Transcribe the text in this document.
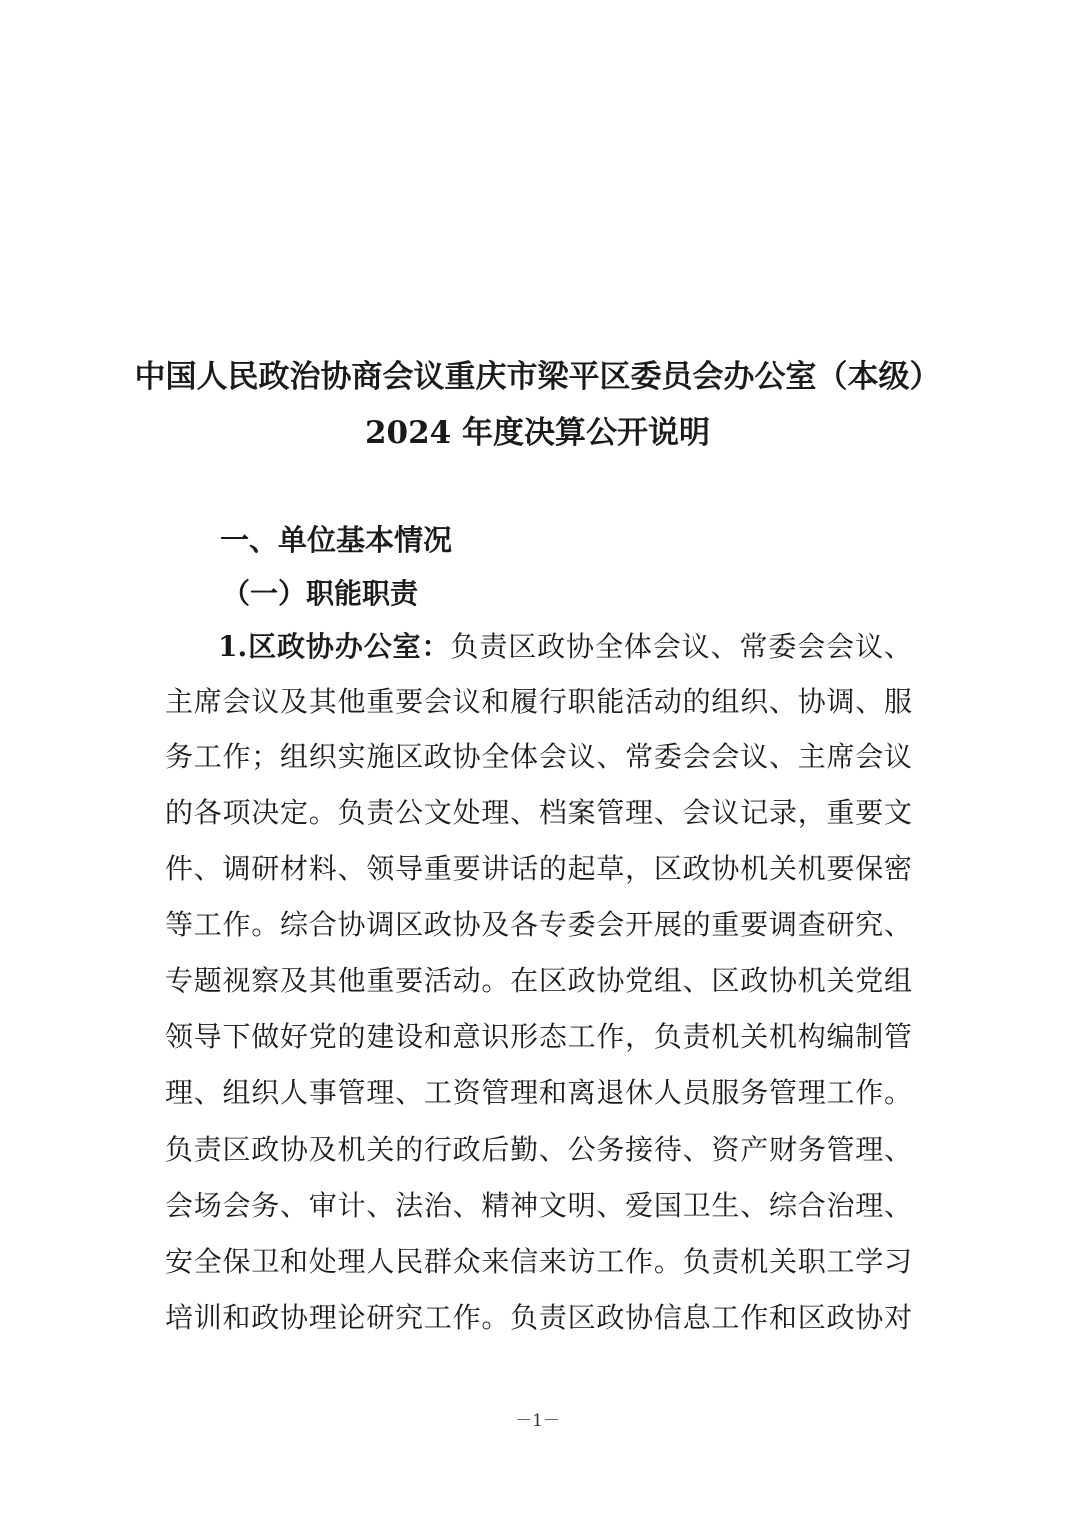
中国人民政治协商会议重庆市梁平区委员会办公室（本级）
2024 年度决算公开说明
一、单位基本情况
（一）职能职责

1.区政协办公室：负责区政协全体会议、常委会会议、

主席会议及其他重要会议和履行职能活动的组织、协调、服

务工作；组织实施区政协全体会议、常委会会议、主席会议

的各项决定。负责公文处理、档案管理、会议记录，重要文

件、调研材料、领导重要讲话的起草，区政协机关机要保密

等工作。综合协调区政协及各专委会开展的重要调查研究、

专题视察及其他重要活动。在区政协党组、区政协机关党组

领导下做好党的建设和意识形态工作，负责机关机构编制管

理、组织人事管理、工资管理和离退休人员服务管理工作。

负责区政协及机关的行政后勤、公务接待、资产财务管理、

会场会务、审计、法治、精神文明、爱国卫生、综合治理、

安全保卫和处理人民群众来信来访工作。负责机关职工学习

培训和政协理论研究工作。负责区政协信息工作和区政协对

－1－
